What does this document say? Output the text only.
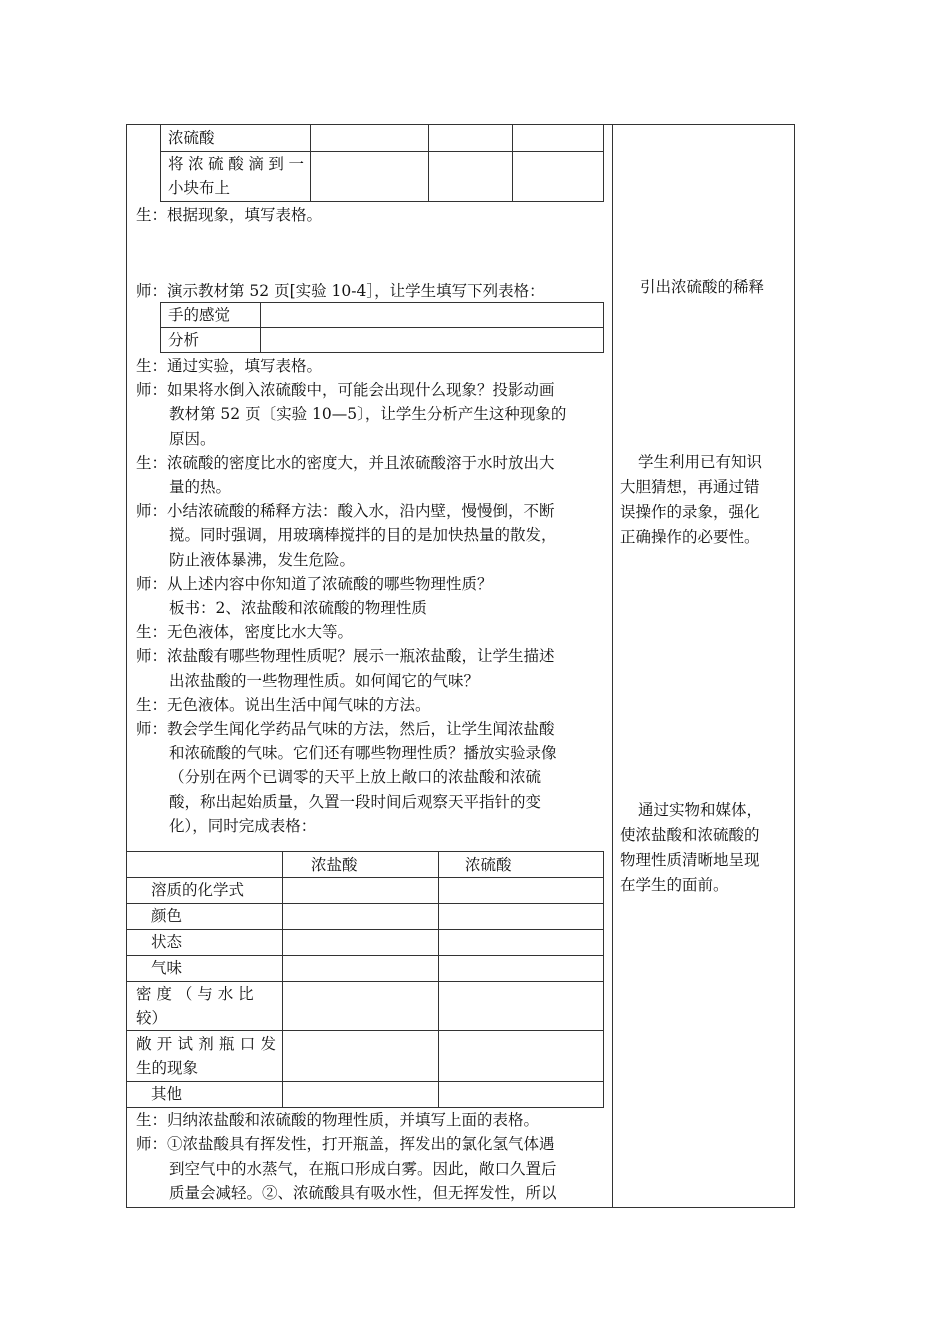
浓硫酸
将浓硫酸滴到一
小块布上
生：根据现象，填写表格。
师：演示教材第 52 页[实验 10-4］，让学生填写下列表格：
手的感觉
分析
生：通过实验，填写表格。
师：如果将水倒入浓硫酸中，可能会出现什么现象？投影动画
教材第 52 页〔实验 10—5〕，让学生分析产生这种现象的
原因。
生：浓硫酸的密度比水的密度大，并且浓硫酸溶于水时放出大
量的热。
师：小结浓硫酸的稀释方法：酸入水，沿内壁，慢慢倒，不断
搅。同时强调，用玻璃棒搅拌的目的是加快热量的散发，
防止液体暴沸，发生危险。
师：从上述内容中你知道了浓硫酸的哪些物理性质？
板书：2、浓盐酸和浓硫酸的物理性质
生：无色液体，密度比水大等。
师：浓盐酸有哪些物理性质呢？展示一瓶浓盐酸，让学生描述
出浓盐酸的一些物理性质。如何闻它的气味？
生：无色液体。说出生活中闻气味的方法。
师：教会学生闻化学药品气味的方法，然后，让学生闻浓盐酸
和浓硫酸的气味。它们还有哪些物理性质？播放实验录像
（分别在两个已调零的天平上放上敞口的浓盐酸和浓硫
酸，称出起始质量，久置一段时间后观察天平指针的变
化），同时完成表格：
浓盐酸	浓硫酸
溶质的化学式
颜色
状态
气味
密 度 （ 与 水 比
较）
敞开试剂瓶口发
生的现象
其他
生：归纳浓盐酸和浓硫酸的物理性质，并填写上面的表格。
师：①浓盐酸具有挥发性，打开瓶盖，挥发出的氯化氢气体遇
到空气中的水蒸气，在瓶口形成白雾。因此，敞口久置后
质量会减轻。②、浓硫酸具有吸水性，但无挥发性，所以
引出浓硫酸的稀释
学生利用已有知识
大胆猜想，再通过错
误操作的录象，强化
正确操作的必要性。
通过实物和媒体，
使浓盐酸和浓硫酸的
物理性质清晰地呈现
在学生的面前。
